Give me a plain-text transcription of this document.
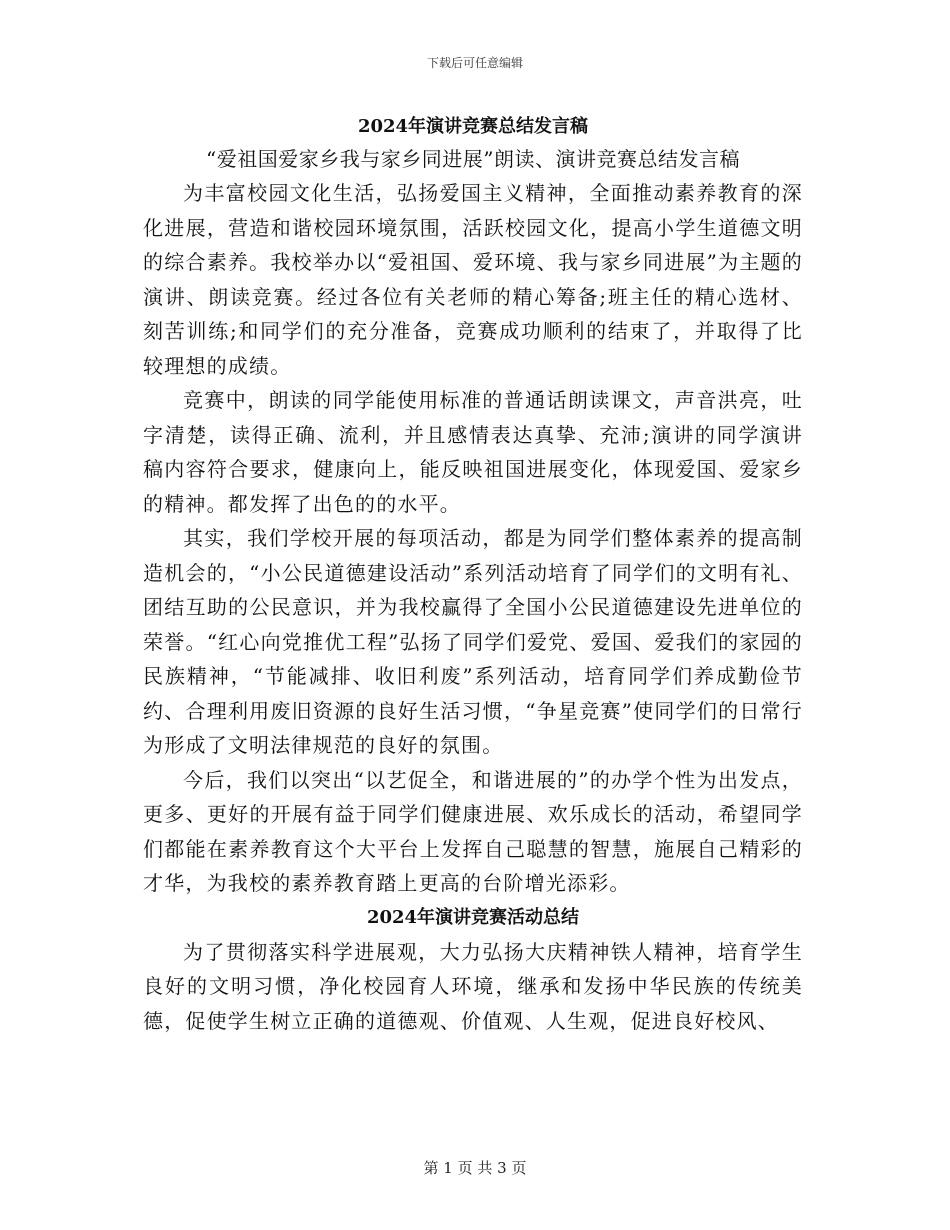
下载后可任意编辑
2024年演讲竞赛总结发言稿
“爱祖国爱家乡我与家乡同进展”朗读、演讲竞赛总结发言稿

为丰富校园文化生活，弘扬爱国主义精神，全面推动素养教育的深化进展，营造和谐校园环境氛围，活跃校园文化，提高小学生道德文明的综合素养。我校举办以“爱祖国、爱环境、我与家乡同进展”为主题的演讲、朗读竞赛。经过各位有关老师的精心筹备;班主任的精心选材、刻苦训练;和同学们的充分准备，竞赛成功顺利的结束了，并取得了比较理想的成绩。

竞赛中，朗读的同学能使用标准的普通话朗读课文，声音洪亮，吐字清楚，读得正确、流利，并且感情表达真挚、充沛;演讲的同学演讲稿内容符合要求，健康向上，能反映祖国进展变化，体现爱国、爱家乡的精神。都发挥了出色的的水平。

其实，我们学校开展的每项活动，都是为同学们整体素养的提高制造机会的，“小公民道德建设活动”系列活动培育了同学们的文明有礼、团结互助的公民意识，并为我校赢得了全国小公民道德建设先进单位的荣誉。“红心向党推优工程”弘扬了同学们爱党、爱国、爱我们的家园的民族精神，“节能减排、收旧利废”系列活动，培育同学们养成勤俭节约、合理利用废旧资源的良好生活习惯，“争星竞赛”使同学们的日常行为形成了文明法律规范的良好的氛围。

今后，我们以突出“以艺促全，和谐进展的”的办学个性为出发点，更多、更好的开展有益于同学们健康进展、欢乐成长的活动，希望同学们都能在素养教育这个大平台上发挥自己聪慧的智慧，施展自己精彩的才华，为我校的素养教育踏上更高的台阶增光添彩。

2024年演讲竞赛活动总结

为了贯彻落实科学进展观，大力弘扬大庆精神铁人精神，培育学生良好的文明习惯，净化校园育人环境，继承和发扬中华民族的传统美德，促使学生树立正确的道德观、价值观、人生观，促进良好校风、

第 1 页 共 3 页
